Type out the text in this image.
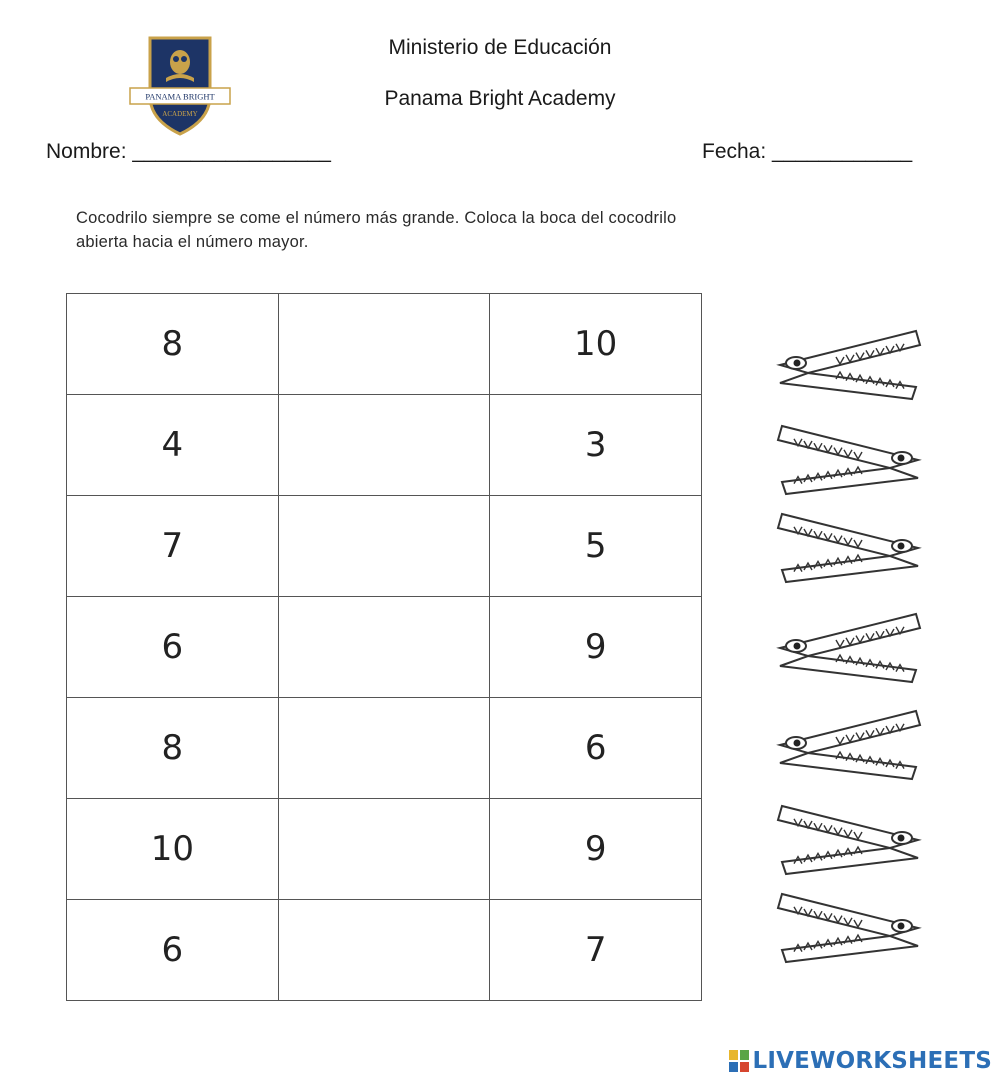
PANAMA BRIGHT
ACADEMY
Ministerio de Educación
Panama Bright Academy
Nombre: _________________	Fecha: ____________
Cocodrilo siempre se come el número más grande. Coloca la boca del cocodrilo
abierta hacia el número mayor.
8		10
4		3
7		5
6		9
8		6
10		9
6		7
LIVEWORKSHEETS
